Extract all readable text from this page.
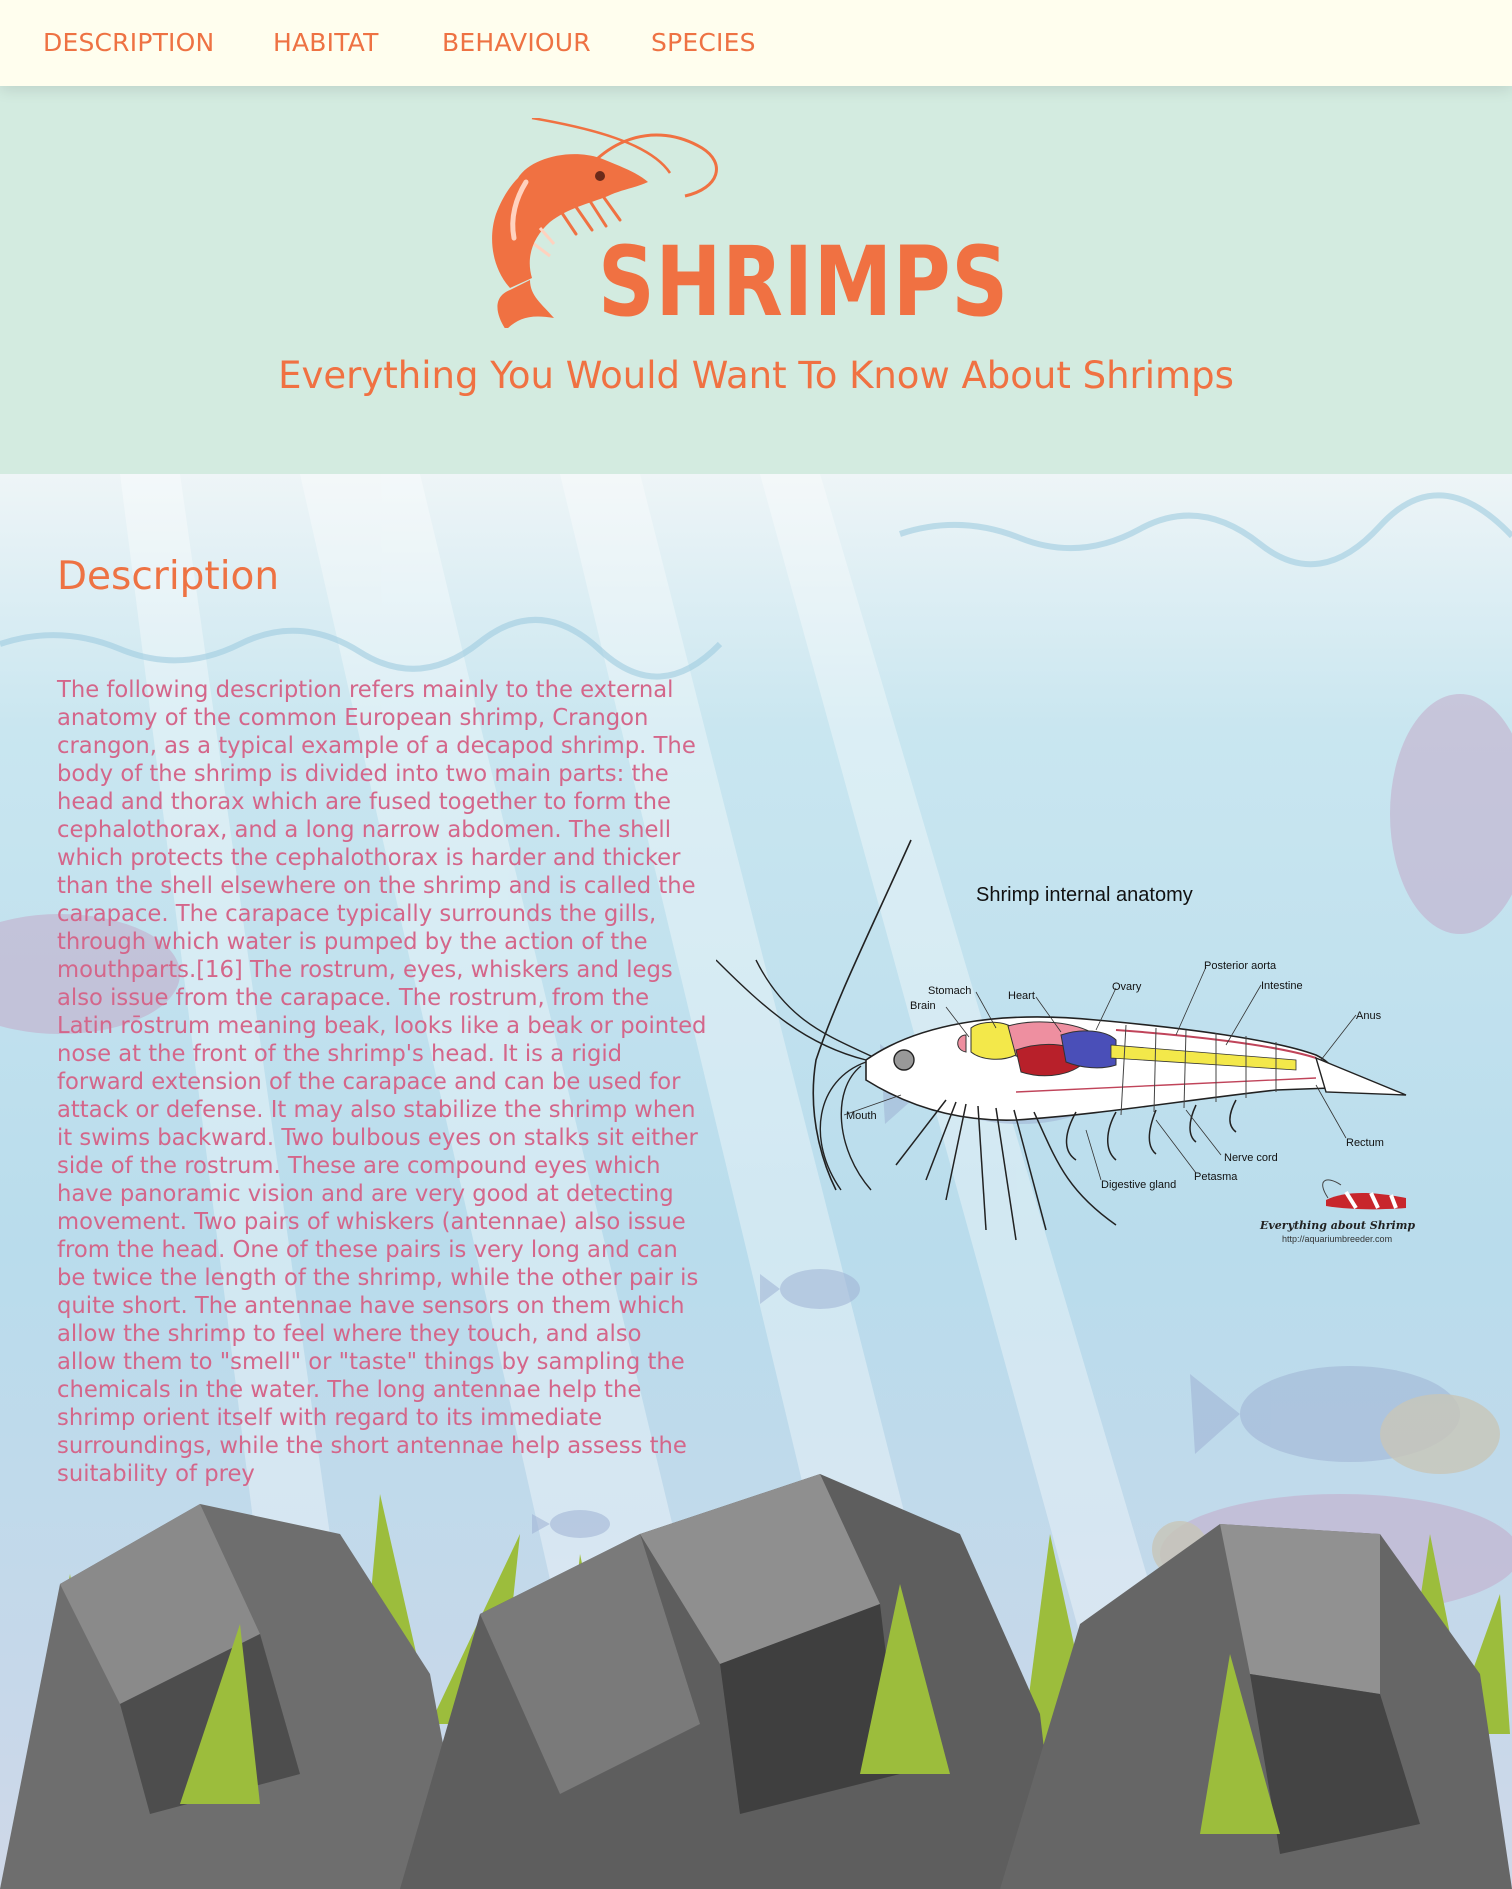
DESCRIPTION HABITAT	BEHAVIOUR SPECIES
SHRIMPS
Everything You Would Want To Know About Shrimps
Description

The following description refers mainly to the external anatomy of the common European shrimp, Crangon crangon, as a typical example of a decapod shrimp. The body of the shrimp is divided into two main parts: the head and thorax which are fused together to form the cephalothorax, and a long narrow abdomen. The shell which protects the cephalothorax is harder and thicker than the shell elsewhere on the shrimp and is called the carapace. The carapace typically surrounds the gills, through which water is pumped by the action of the mouthparts.[16] The rostrum, eyes, whiskers and legs also issue from the carapace. The rostrum, from the Latin rōstrum meaning beak, looks like a beak or pointed nose at the front of the shrimp's head. It is a rigid forward extension of the carapace and can be used for attack or defense. It may also stabilize the shrimp when it swims backward. Two bulbous eyes on stalks sit either side of the rostrum. These are compound eyes which have panoramic vision and are very good at detecting movement. Two pairs of whiskers (antennae) also issue from the head. One of these pairs is very long and can be twice the length of the shrimp, while the other pair is quite short. The antennae have sensors on them which allow the shrimp to feel where they touch, and also allow them to "smell" or "taste" things by sampling the chemicals in the water. The long antennae help the shrimp orient itself with regard to its immediate surroundings, while the short antennae help assess the suitability of prey

Shrimp internal anatomy
Stomach
Brain
Heart
Ovary
Posterior aorta
Intestine
Anus
Mouth
Rectum
Nerve cord
Petasma
Digestive gland
Everything about Shrimp
http://aquariumbreeder.com
